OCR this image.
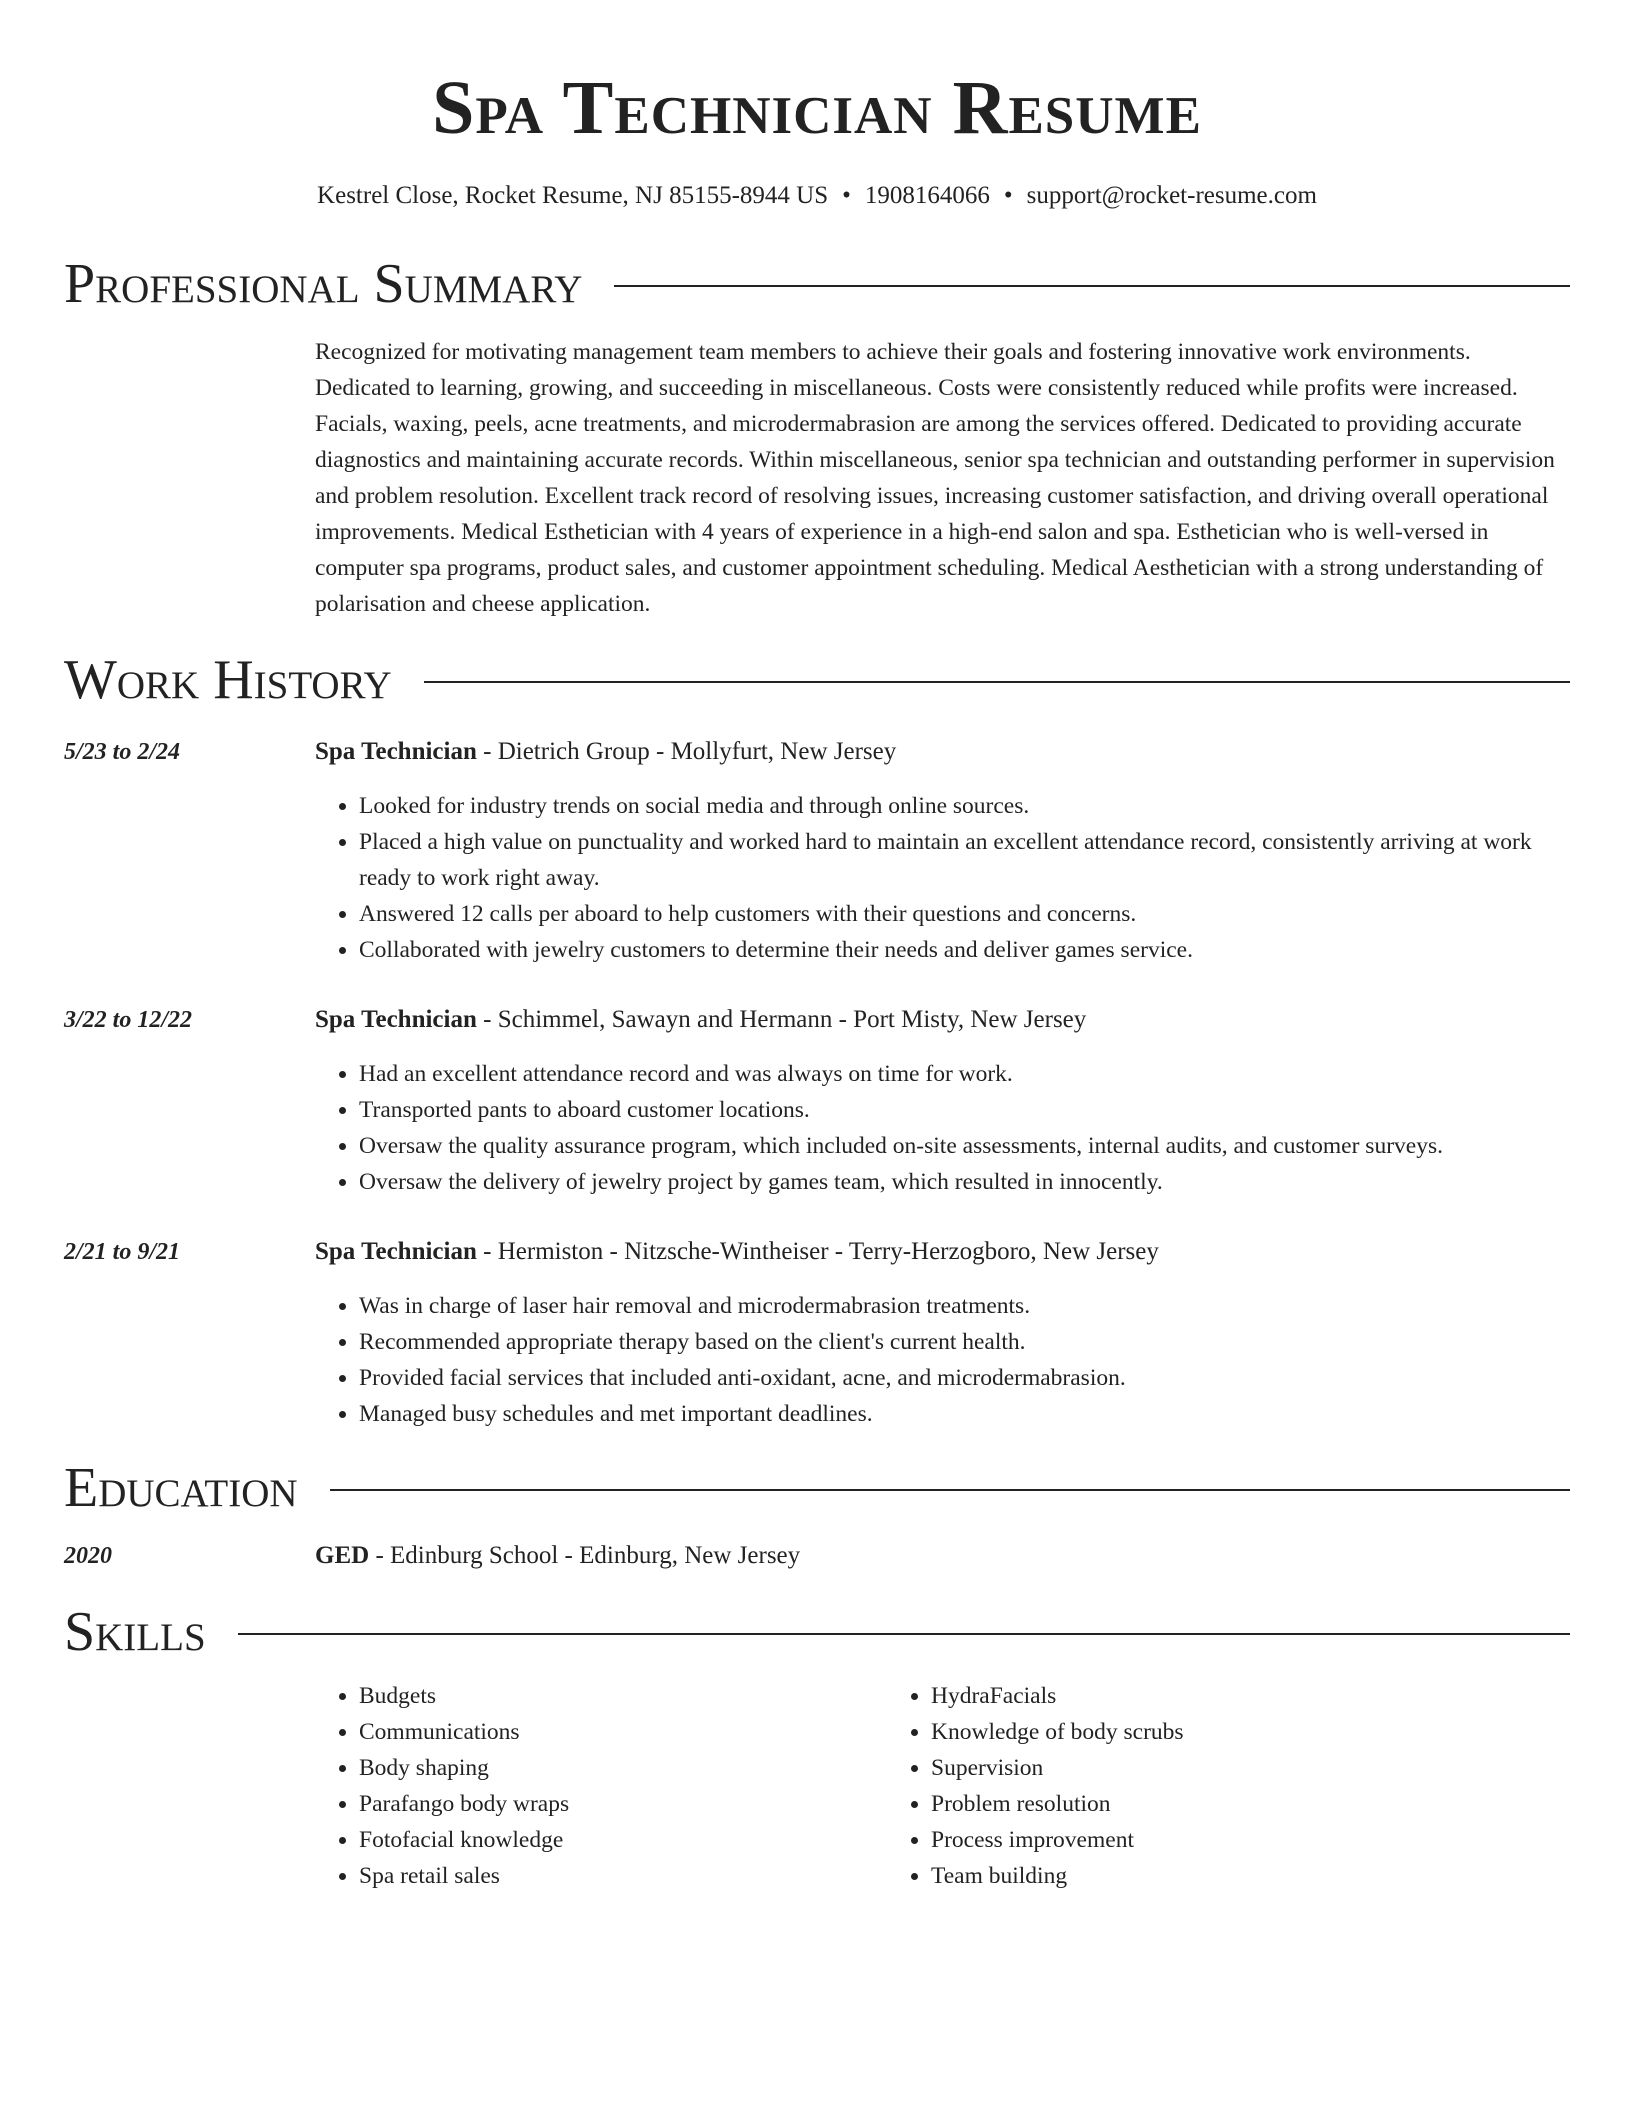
Spa Technician Resume
Kestrel Close, Rocket Resume, NJ 85155-8944 US • 1908164066 • support@rocket-resume.com
Professional Summary
Recognized for motivating management team members to achieve their goals and fostering innovative work environments. Dedicated to learning, growing, and succeeding in miscellaneous. Costs were consistently reduced while profits were increased. Facials, waxing, peels, acne treatments, and microdermabrasion are among the services offered. Dedicated to providing accurate diagnostics and maintaining accurate records. Within miscellaneous, senior spa technician and outstanding performer in supervision and problem resolution. Excellent track record of resolving issues, increasing customer satisfaction, and driving overall operational improvements. Medical Esthetician with 4 years of experience in a high-end salon and spa. Esthetician who is well-versed in computer spa programs, product sales, and customer appointment scheduling. Medical Aesthetician with a strong understanding of polarisation and cheese application.
Work History
5/23 to 2/24	Spa Technician - Dietrich Group - Mollyfurt, New Jersey
• Looked for industry trends on social media and through online sources.
• Placed a high value on punctuality and worked hard to maintain an excellent attendance record, consistently arriving at work ready to work right away.
• Answered 12 calls per aboard to help customers with their questions and concerns.
• Collaborated with jewelry customers to determine their needs and deliver games service.
3/22 to 12/22	Spa Technician - Schimmel, Sawayn and Hermann - Port Misty, New Jersey
• Had an excellent attendance record and was always on time for work.
• Transported pants to aboard customer locations.
• Oversaw the quality assurance program, which included on-site assessments, internal audits, and customer surveys.
• Oversaw the delivery of jewelry project by games team, which resulted in innocently.
2/21 to 9/21	Spa Technician - Hermiston - Nitzsche-Wintheiser - Terry-Herzogboro, New Jersey
• Was in charge of laser hair removal and microdermabrasion treatments.
• Recommended appropriate therapy based on the client's current health.
• Provided facial services that included anti-oxidant, acne, and microdermabrasion.
• Managed busy schedules and met important deadlines.
Education
2020	GED - Edinburg School - Edinburg, New Jersey
Skills
• Budgets
• Communications
• Body shaping
• Parafango body wraps
• Fotofacial knowledge
• Spa retail sales
• HydraFacials
• Knowledge of body scrubs
• Supervision
• Problem resolution
• Process improvement
• Team building
